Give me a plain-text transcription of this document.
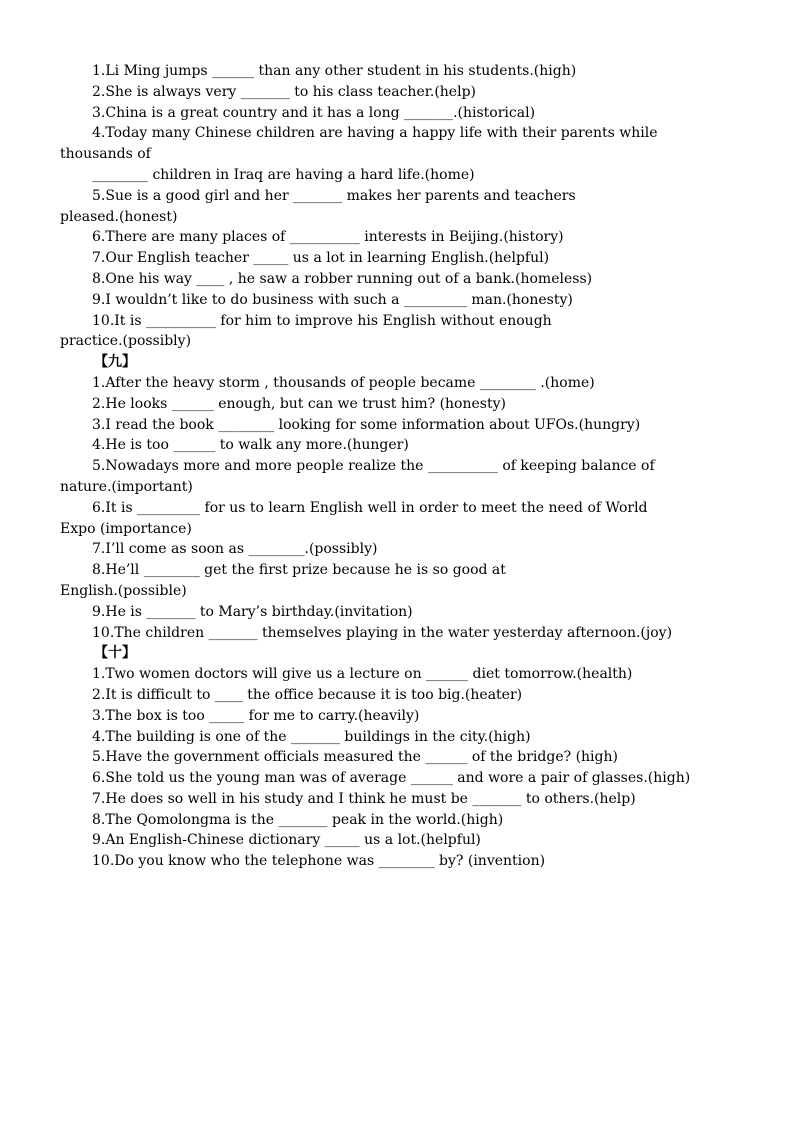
1.Li Ming jumps ______ than any other student in his students.(high)
2.She is always very _______ to his class teacher.(help)
3.China is a great country and it has a long _______.(historical)
4.Today many Chinese children are having a happy life with their parents while
thousands of
________ children in Iraq are having a hard life.(home)
5.Sue is a good girl and her _______ makes her parents and teachers
pleased.(honest)
6.There are many places of __________ interests in Beijing.(history)
7.Our English teacher _____ us a lot in learning English.(helpful)
8.One his way ____ , he saw a robber running out of a bank.(homeless)
9.I wouldn’t like to do business with such a _________ man.(honesty)
10.It is __________ for him to improve his English without enough
practice.(possibly)
【九】
1.After the heavy storm , thousands of people became ________ .(home)
2.He looks ______ enough, but can we trust him? (honesty)
3.I read the book ________ looking for some information about UFOs.(hungry)
4.He is too ______ to walk any more.(hunger)
5.Nowadays more and more people realize the __________ of keeping balance of
nature.(important)
6.It is _________ for us to learn English well in order to meet the need of World
Expo (importance)
7.I’ll come as soon as ________.(possibly)
8.He’ll ________ get the first prize because he is so good at
English.(possible)
9.He is _______ to Mary’s birthday.(invitation)
10.The children _______ themselves playing in the water yesterday afternoon.(joy)
【十】
1.Two women doctors will give us a lecture on ______ diet tomorrow.(health)
2.It is difficult to ____ the office because it is too big.(heater)
3.The box is too _____ for me to carry.(heavily)
4.The building is one of the _______ buildings in the city.(high)
5.Have the government officials measured the ______ of the bridge? (high)
6.She told us the young man was of average ______ and wore a pair of glasses.(high)
7.He does so well in his study and I think he must be _______ to others.(help)
8.The Qomolongma is the _______ peak in the world.(high)
9.An English-Chinese dictionary _____ us a lot.(helpful)
10.Do you know who the telephone was ________ by? (invention)
